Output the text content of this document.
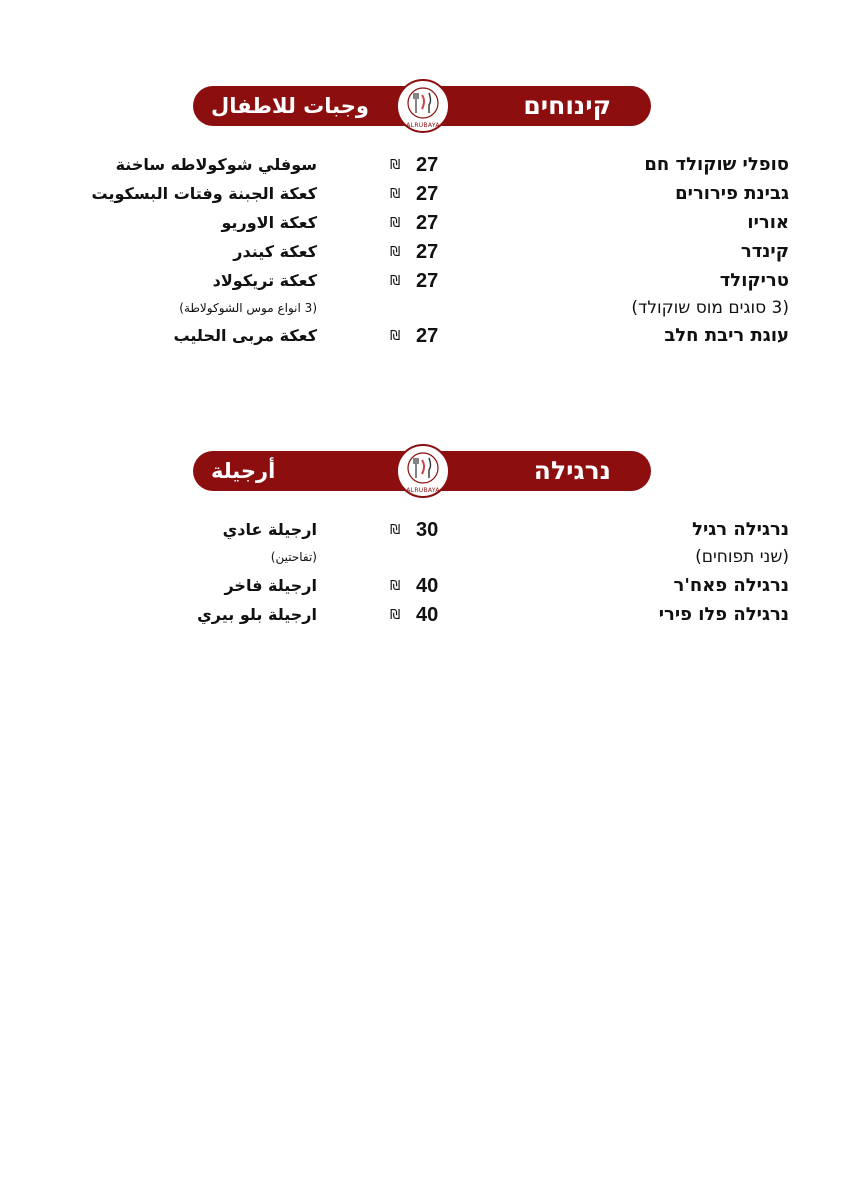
קינוחים
وجبات للاطفال
ALRUBAYA
סופלי שוקולד חם
27
₪
سوفلي شوكولاطه ساخنة
גבינת פירורים
27
₪
كعكة الجبنة وفتات البسكويت
אוריו
27
₪
كعكة الاوريو
קינדר
27
₪
كعكة كيندر
טריקולד
27
₪
كعكة تريكولاد
(3 סוגים מוס שוקולד)
(3 انواع موس الشوكولاطة)
עוגת ריבת חלב
27
₪
كعكة مربى الحليب
נרגילה
أرجيلة
ALRUBAYA
נרגילה רגיל
30
₪
ارجيلة عادي
(שני תפוחים)
(تفاحتين)
נרגילה פאח'ר
40
₪
ارجيلة فاخر
נרגילה פלו פירי
40
₪
ارجيلة بلو بيري
